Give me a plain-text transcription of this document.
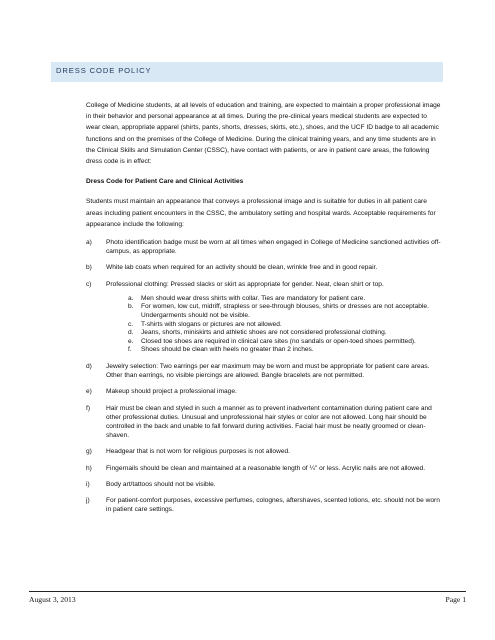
DRESS CODE POLICY

College of Medicine students, at all levels of education and training, are expected to maintain a proper professional image in their behavior and personal appearance at all times. During the pre-clinical years medical students are expected to wear clean, appropriate apparel (shirts, pants, shorts, dresses, skirts, etc.), shoes, and the UCF ID badge to all academic functions and on the premises of the College of Medicine. During the clinical training years, and any time students are in the Clinical Skills and Simulation Center (CSSC), have contact with patients, or are in patient care areas, the following dress code is in effect:

Dress Code for Patient Care and Clinical Activities

Students must maintain an appearance that conveys a professional image and is suitable for duties in all patient care areas including patient encounters in the CSSC, the ambulatory setting and hospital wards. Acceptable requirements for appearance include the following:

a) Photo identification badge must be worn at all times when engaged in College of Medicine sanctioned activities off-campus, as appropriate.
b) White lab coats when required for an activity should be clean, wrinkle free and in good repair.
c) Professional clothing: Pressed slacks or skirt as appropriate for gender. Neat, clean shirt or top.
a. Men should wear dress shirts with collar. Ties are mandatory for patient care.
b. For women, low cut, midriff, strapless or see-through blouses, shirts or dresses are not acceptable. Undergarments should not be visible.
c. T-shirts with slogans or pictures are not allowed.
d. Jeans, shorts, miniskirts and athletic shoes are not considered professional clothing.
e. Closed toe shoes are required in clinical care sites (no sandals or open-toed shoes permitted).
f. Shoes should be clean with heels no greater than 2 inches.
d) Jewelry selection: Two earrings per ear maximum may be worn and must be appropriate for patient care areas. Other than earrings, no visible piercings are allowed. Bangle bracelets are not permitted.
e) Makeup should project a professional image.
f) Hair must be clean and styled in such a manner as to prevent inadvertent contamination during patient care and other professional duties. Unusual and unprofessional hair styles or color are not allowed. Long hair should be controlled in the back and unable to fall forward during activities. Facial hair must be neatly groomed or clean-shaven.
g) Headgear that is not worn for religious purposes is not allowed.
h) Fingernails should be clean and maintained at a reasonable length of ¼" or less. Acrylic nails are not allowed.
i) Body art/tattoos should not be visible.
j) For patient-comfort purposes, excessive perfumes, colognes, aftershaves, scented lotions, etc. should not be worn in patient care settings.
August 3, 2013	Page 1
